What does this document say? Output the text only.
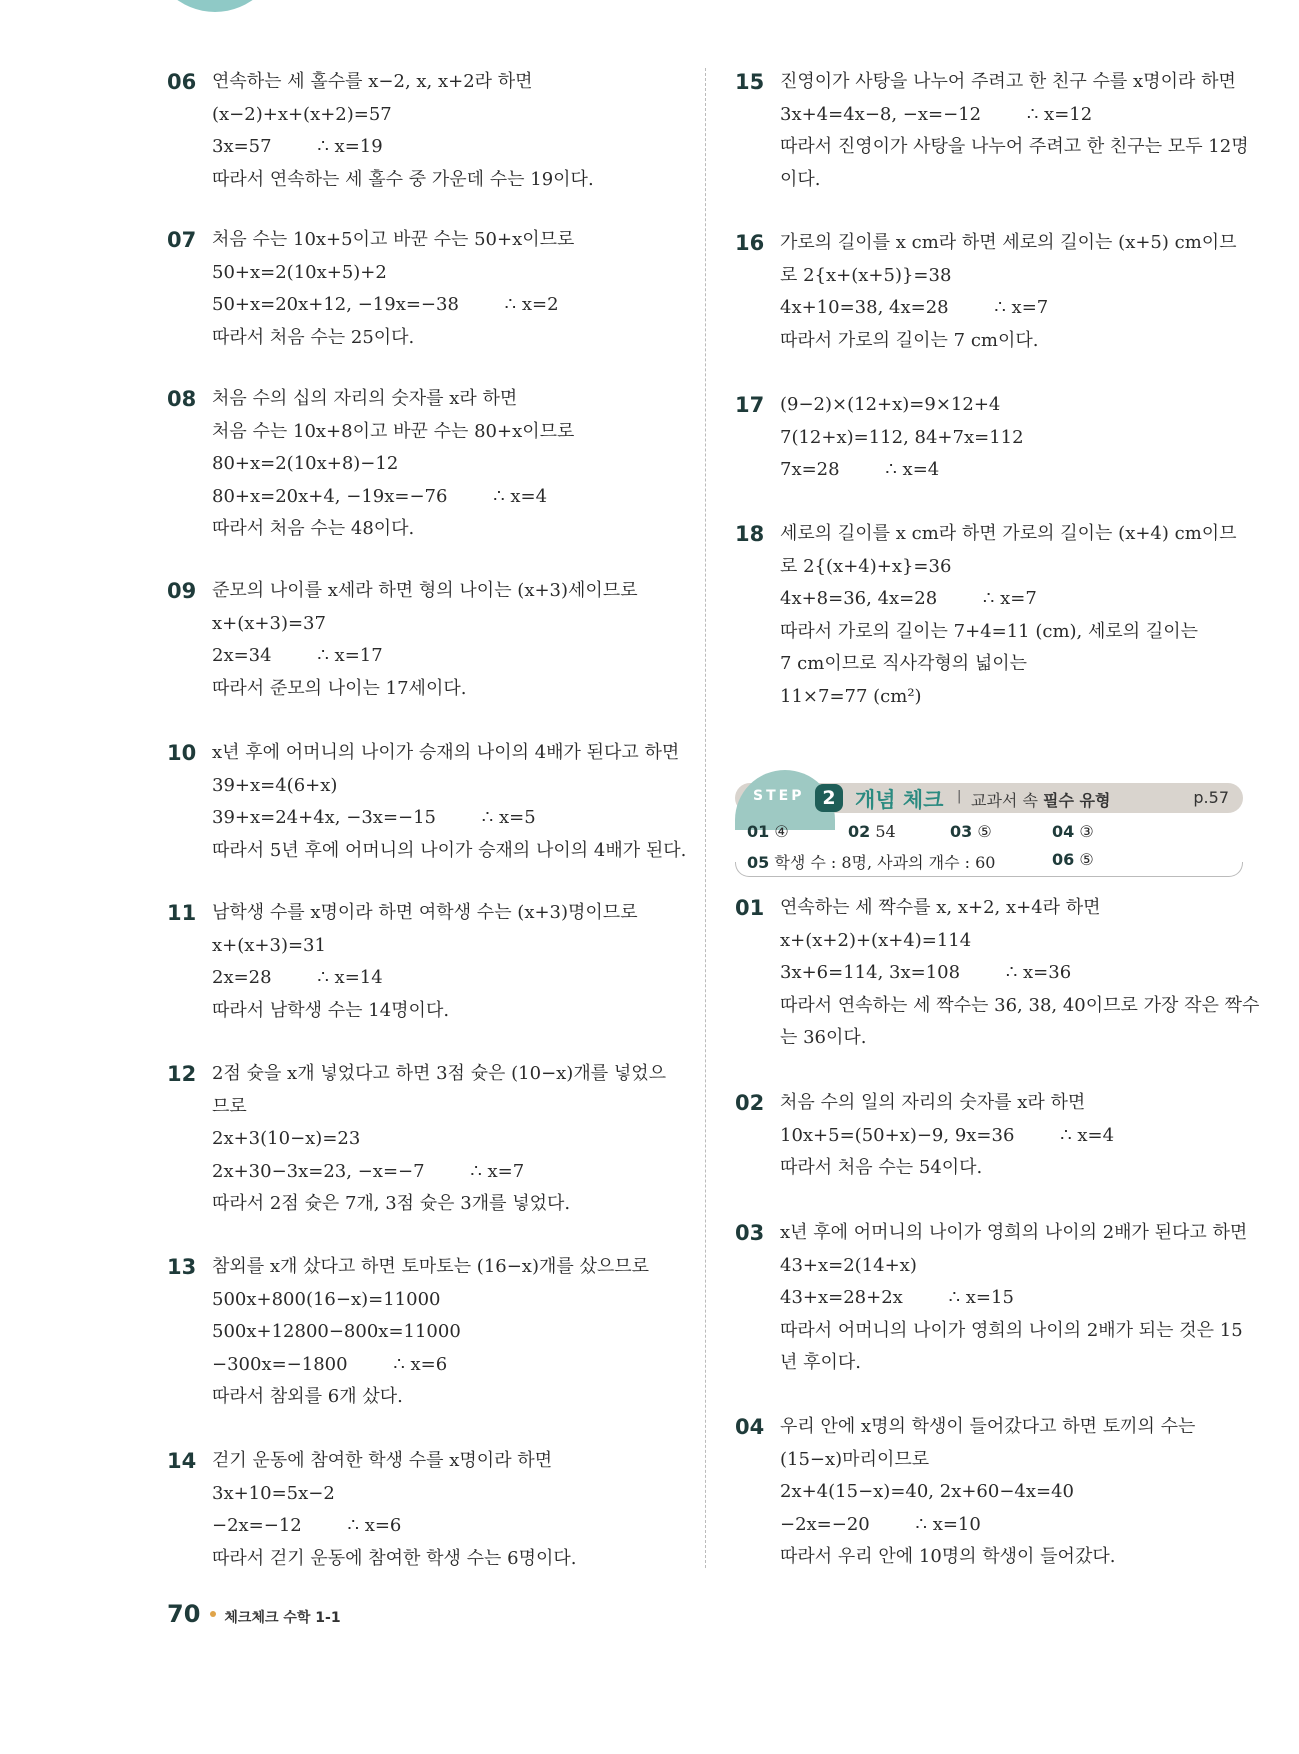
06 연속하는 세 홀수를 x−2, x, x+2라 하면
(x−2)+x+(x+2)=57
3x=57        ∴ x=19
따라서 연속하는 세 홀수 중 가운데 수는 19이다.
07 처음 수는 10x+5이고 바꾼 수는 50+x이므로
50+x=2(10x+5)+2
50+x=20x+12, −19x=−38        ∴ x=2
따라서 처음 수는 25이다.
08 처음 수의 십의 자리의 숫자를 x라 하면
처음 수는 10x+8이고 바꾼 수는 80+x이므로
80+x=2(10x+8)−12
80+x=20x+4, −19x=−76        ∴ x=4
따라서 처음 수는 48이다.
09 준모의 나이를 x세라 하면 형의 나이는 (x+3)세이므로
x+(x+3)=37
2x=34        ∴ x=17
따라서 준모의 나이는 17세이다.
10 x년 후에 어머니의 나이가 승재의 나이의 4배가 된다고 하면
39+x=4(6+x)
39+x=24+4x, −3x=−15        ∴ x=5
따라서 5년 후에 어머니의 나이가 승재의 나이의 4배가 된다.
11 남학생 수를 x명이라 하면 여학생 수는 (x+3)명이므로
x+(x+3)=31
2x=28        ∴ x=14
따라서 남학생 수는 14명이다.
12 2점 슛을 x개 넣었다고 하면 3점 슛은 (10−x)개를 넣었으
므로
2x+3(10−x)=23
2x+30−3x=23, −x=−7        ∴ x=7
따라서 2점 슛은 7개, 3점 슛은 3개를 넣었다.
13 참외를 x개 샀다고 하면 토마토는 (16−x)개를 샀으므로
500x+800(16−x)=11000
500x+12800−800x=11000
−300x=−1800        ∴ x=6
따라서 참외를 6개 샀다.
14 걷기 운동에 참여한 학생 수를 x명이라 하면
3x+10=5x−2
−2x=−12        ∴ x=6
따라서 걷기 운동에 참여한 학생 수는 6명이다.
15 진영이가 사탕을 나누어 주려고 한 친구 수를 x명이라 하면
3x+4=4x−8, −x=−12        ∴ x=12
따라서 진영이가 사탕을 나누어 주려고 한 친구는 모두 12명
이다.
16 가로의 길이를 x cm라 하면 세로의 길이는 (x+5) cm이므
로 2{x+(x+5)}=38
4x+10=38, 4x=28        ∴ x=7
따라서 가로의 길이는 7 cm이다.
17 (9−2)×(12+x)=9×12+4
7(12+x)=112, 84+7x=112
7x=28        ∴ x=4
18 세로의 길이를 x cm라 하면 가로의 길이는 (x+4) cm이므
로 2{(x+4)+x}=36
4x+8=36, 4x=28        ∴ x=7
따라서 가로의 길이는 7+4=11 (cm), 세로의 길이는
7 cm이므로 직사각형의 넓이는
11×7=77 (cm²)
01 연속하는 세 짝수를 x, x+2, x+4라 하면
x+(x+2)+(x+4)=114
3x+6=114, 3x=108        ∴ x=36
따라서 연속하는 세 짝수는 36, 38, 40이므로 가장 작은 짝수
는 36이다.
02 처음 수의 일의 자리의 숫자를 x라 하면
10x+5=(50+x)−9, 9x=36        ∴ x=4
따라서 처음 수는 54이다.
03 x년 후에 어머니의 나이가 영희의 나이의 2배가 된다고 하면
43+x=2(14+x)
43+x=28+2x        ∴ x=15
따라서 어머니의 나이가 영희의 나이의 2배가 되는 것은 15
년 후이다.
04 우리 안에 x명의 학생이 들어갔다고 하면 토끼의 수는
(15−x)마리이므로
2x+4(15−x)=40, 2x+60−4x=40
−2x=−20        ∴ x=10
따라서 우리 안에 10명의 학생이 들어갔다.
STEP 2 개념 체크 | 교과서 속 필수 유형	p.57
01 ④	02 54	03 ⑤	04 ③
05 학생 수 : 8명, 사과의 개수 : 60	06 ⑤
70 체크체크 수학 1-1
